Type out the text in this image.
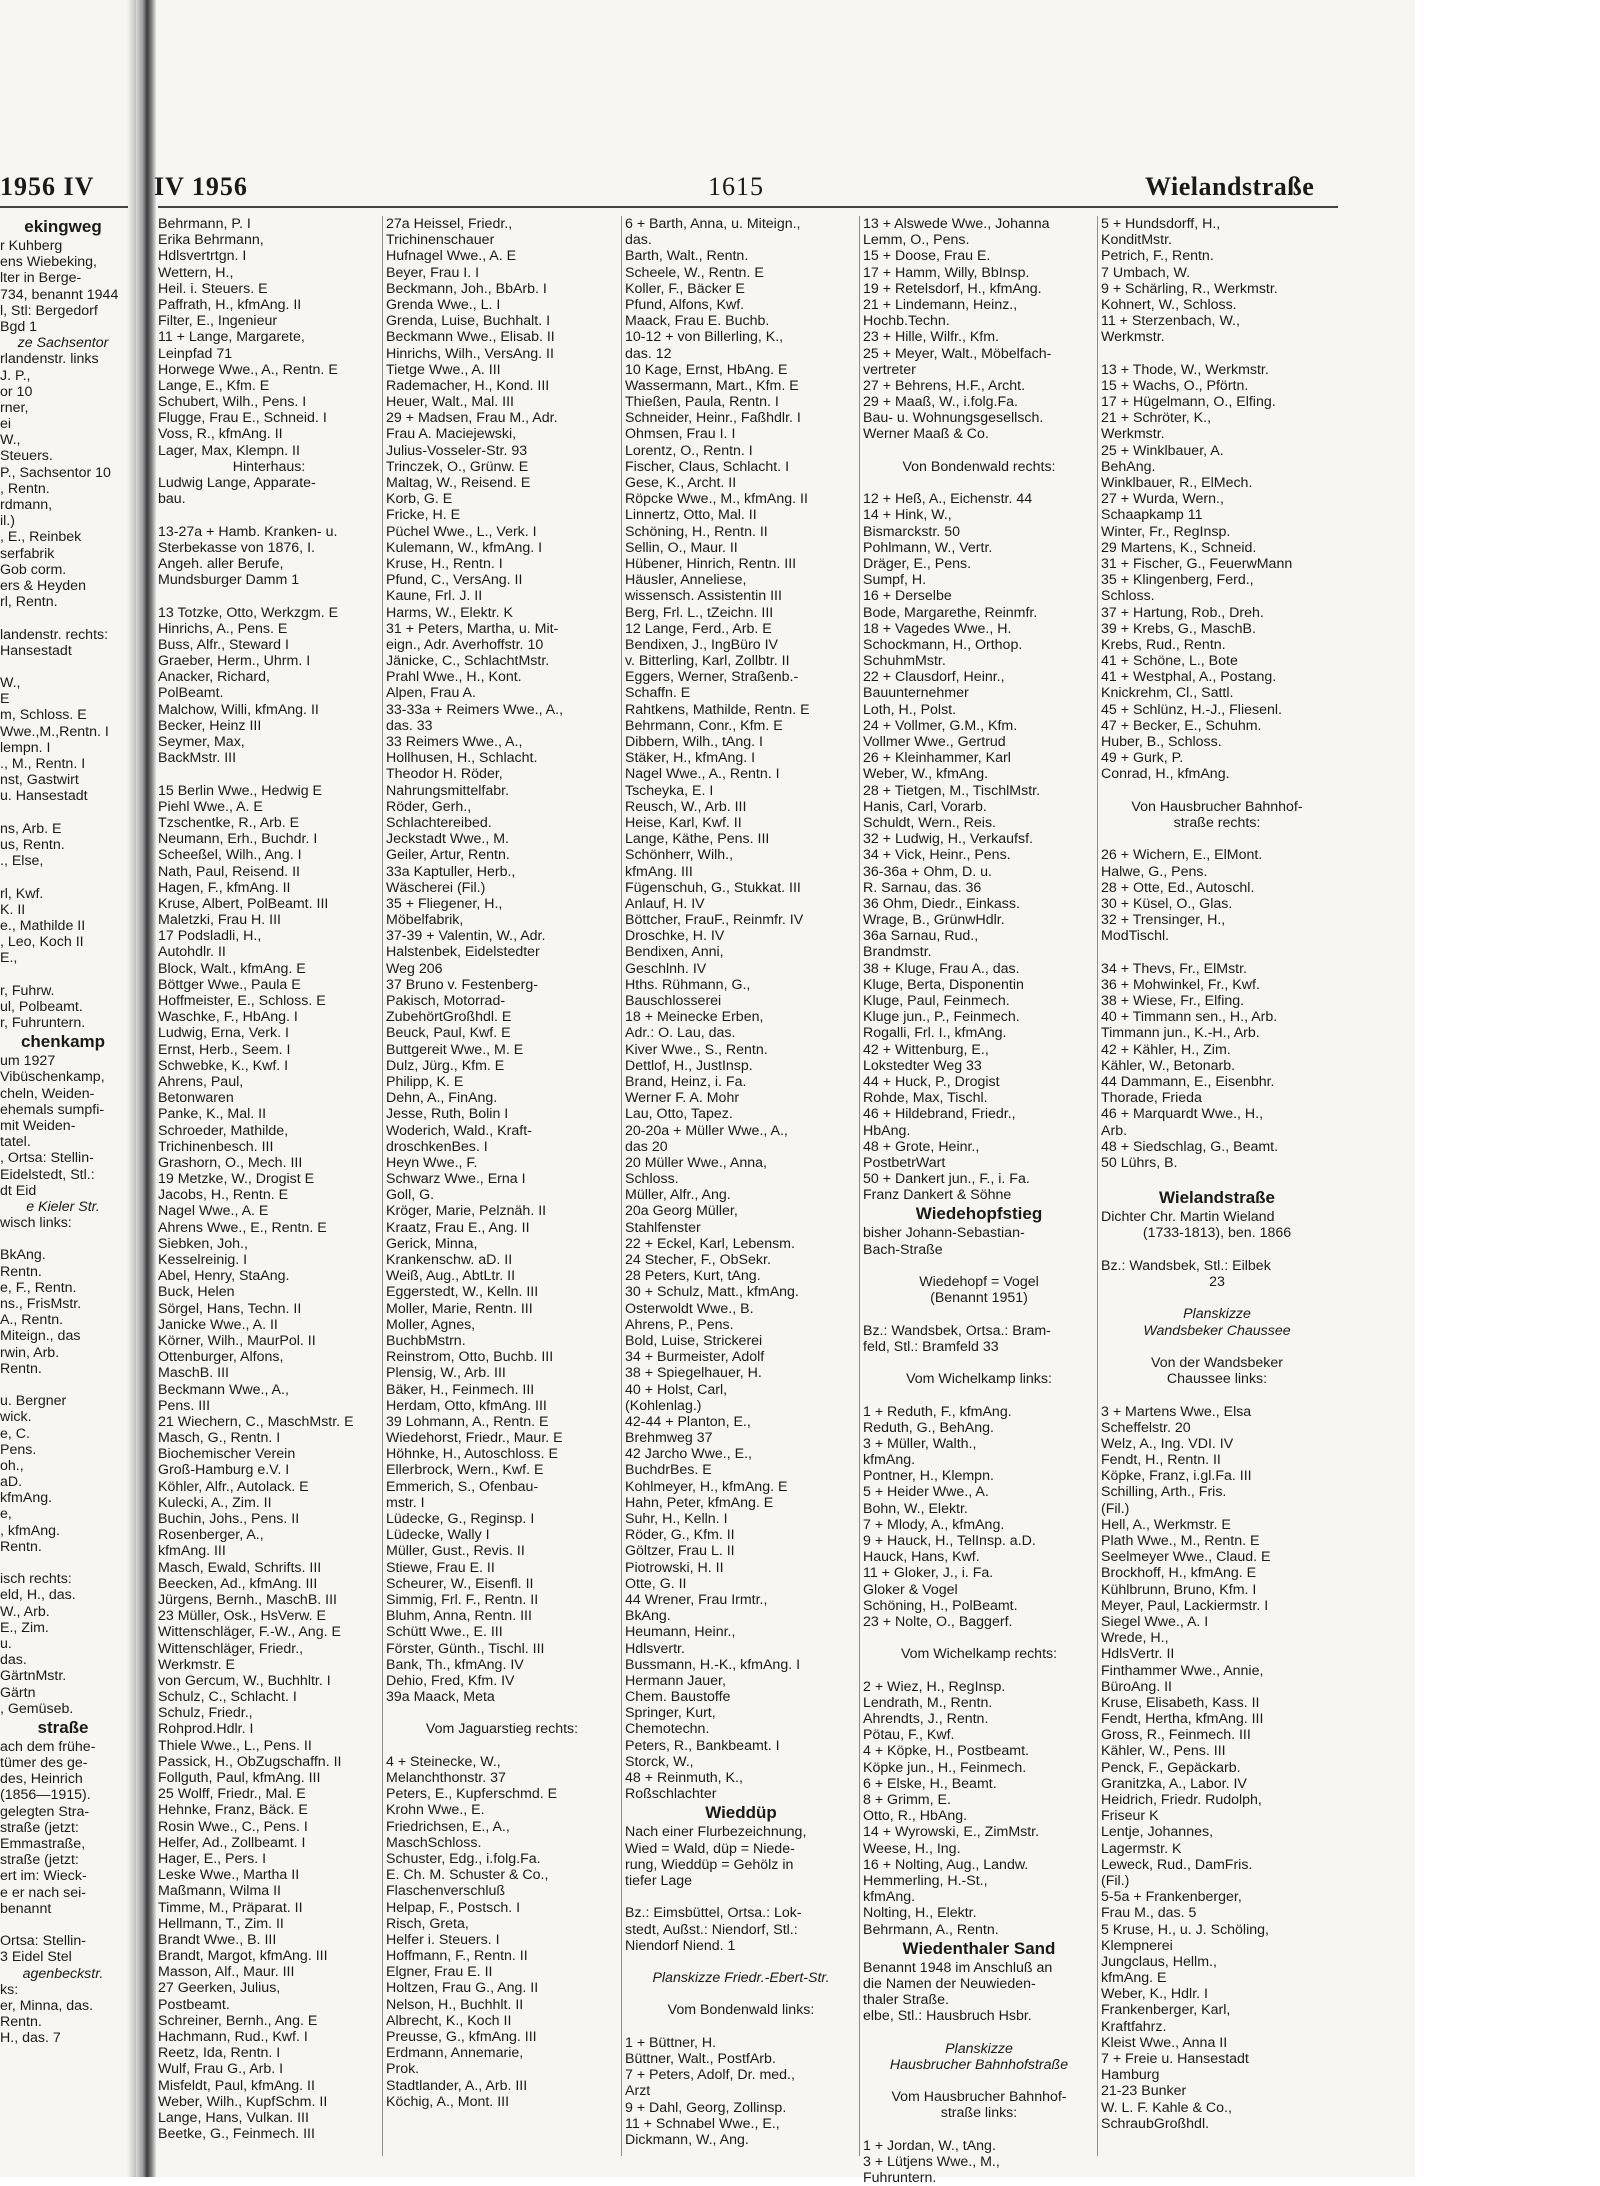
1956 IV IV 1956	1615	Wielandstraße
ekingweg
r Kuhberg
ens Wiebeking,
lter in Berge-
734, benannt 1944
l, Stl: Bergedorf
Bgd 1
ze Sachsentor
rlandenstr. links
J. P.,
or 10
rner,
ei
W.,
Steuers.
P., Sachsentor 10
, Rentn.
rdmann,
il.)
, E., Reinbek
serfabrik
Gob corm.
ers & Heyden
rl, Rentn.
landenstr. rechts:
Hansestadt
W.,
E
m, Schloss. E
Wwe.,M.,Rentn. I
lempn. I
., M., Rentn. I
nst, Gastwirt
u. Hansestadt
ns, Arb. E
us, Rentn.
., Else,
rl, Kwf.
K. II
e., Mathilde II
, Leo, Koch II
E.,
r, Fuhrw.
ul, Polbeamt.
r, Fuhruntern.
chenkamp
um 1927
Vibüschenkamp,
cheln, Weiden-
ehemals sumpfi-
mit Weiden-
tatel.
, Ortsa: Stellin-
Eidelstedt, Stl.:
dt Eid
e Kieler Str.
wisch links:
BkAng.
Rentn.
e, F., Rentn.
ns., FrisMstr.
A., Rentn.
Miteign., das
rwin, Arb.
Rentn.
u. Bergner
wick.
e, C.
Pens.
oh.,
aD.
kfmAng.
e,
, kfmAng.
Rentn.
isch rechts:
eld, H., das.
W., Arb.
E., Zim.
u.
das.
GärtnMstr.
Gärtn
, Gemüseb.
straße
ach dem frühe-
tümer des ge-
des, Heinrich
(1856—1915).
gelegten Stra-
straße (jetzt:
Emmastraße,
straße (jetzt:
ert im: Wieck-
e er nach sei-
benannt
Ortsa: Stellin-
3 Eidel Stel
agenbeckstr.
ks:
er, Minna, das.
Rentn.
H., das. 7
Behrmann, P. I
Erika Behrmann,
Hdlsvertrtgn. I
Wettern, H.,
Heil. i. Steuers. E
Paffrath, H., kfmAng. II
Filter, E., Ingenieur
11 + Lange, Margarete,
Leinpfad 71
Horwege Wwe., A., Rentn. E
Lange, E., Kfm. E
Schubert, Wilh., Pens. I
Flugge, Frau E., Schneid. I
Voss, R., kfmAng. II
Lager, Max, Klempn. II
Hinterhaus:
Ludwig Lange, Apparate-
bau.
13-27a + Hamb. Kranken- u.
Sterbekasse von 1876, I.
Angeh. aller Berufe,
Mundsburger Damm 1
13 Totzke, Otto, Werkzgm. E
Hinrichs, A., Pens. E
Buss, Alfr., Steward I
Graeber, Herm., Uhrm. I
Anacker, Richard,
PolBeamt.
Malchow, Willi, kfmAng. II
Becker, Heinz III
Seymer, Max,
BackMstr. III
15 Berlin Wwe., Hedwig E
Piehl Wwe., A. E
Tzschentke, R., Arb. E
Neumann, Erh., Buchdr. I
Scheeßel, Wilh., Ang. I
Nath, Paul, Reisend. II
Hagen, F., kfmAng. II
Kruse, Albert, PolBeamt. III
Maletzki, Frau H. III
17 Podsladli, H.,
Autohdlr. II
Block, Walt., kfmAng. E
Böttger Wwe., Paula E
Hoffmeister, E., Schloss. E
Waschke, F., HbAng. I
Ludwig, Erna, Verk. I
Ernst, Herb., Seem. I
Schwebke, K., Kwf. I
Ahrens, Paul,
Betonwaren
Panke, K., Mal. II
Schroeder, Mathilde,
Trichinenbesch. III
Grashorn, O., Mech. III
19 Metzke, W., Drogist E
Jacobs, H., Rentn. E
Nagel Wwe., A. E
Ahrens Wwe., E., Rentn. E
Siebken, Joh.,
Kesselreinig. I
Abel, Henry, StaAng.
Buck, Helen
Sörgel, Hans, Techn. II
Janicke Wwe., A. II
Körner, Wilh., MaurPol. II
Ottenburger, Alfons,
MaschB. III
Beckmann Wwe., A.,
Pens. III
21 Wiechern, C., MaschMstr. E
Masch, G., Rentn. I
Biochemischer Verein
Groß-Hamburg e.V. I
Köhler, Alfr., Autolack. E
Kulecki, A., Zim. II
Buchin, Johs., Pens. II
Rosenberger, A.,
kfmAng. III
Masch, Ewald, Schrifts. III
Beecken, Ad., kfmAng. III
Jürgens, Bernh., MaschB. III
23 Müller, Osk., HsVerw. E
Wittenschläger, F.-W., Ang. E
Wittenschläger, Friedr.,
Werkmstr. E
von Gercum, W., Buchhltr. I
Schulz, C., Schlacht. I
Schulz, Friedr.,
Rohprod.Hdlr. I
Thiele Wwe., L., Pens. II
Passick, H., ObZugschaffn. II
Follguth, Paul, kfmAng. III
25 Wolff, Friedr., Mal. E
Hehnke, Franz, Bäck. E
Rosin Wwe., C., Pens. I
Helfer, Ad., Zollbeamt. I
Hager, E., Pers. I
Leske Wwe., Martha II
Maßmann, Wilma II
Timme, M., Präparat. II
Hellmann, T., Zim. II
Brandt Wwe., B. III
Brandt, Margot, kfmAng. III
Masson, Alf., Maur. III
27 Geerken, Julius,
Postbeamt.
Schreiner, Bernh., Ang. E
Hachmann, Rud., Kwf. I
Reetz, Ida, Rentn. I
Wulf, Frau G., Arb. I
Misfeldt, Paul, kfmAng. II
Weber, Wilh., KupfSchm. II
Lange, Hans, Vulkan. III
Beetke, G., Feinmech. III
27a Heissel, Friedr.,
Trichinenschauer
Hufnagel Wwe., A. E
Beyer, Frau I. I
Beckmann, Joh., BbArb. I
Grenda Wwe., L. I
Grenda, Luise, Buchhalt. I
Beckmann Wwe., Elisab. II
Hinrichs, Wilh., VersAng. II
Tietge Wwe., A. III
Rademacher, H., Kond. III
Heuer, Walt., Mal. III
29 + Madsen, Frau M., Adr.
Frau A. Maciejewski,
Julius-Vosseler-Str. 93
Trinczek, O., Grünw. E
Maltag, W., Reisend. E
Korb, G. E
Fricke, H. E
Püchel Wwe., L., Verk. I
Kulemann, W., kfmAng. I
Kruse, H., Rentn. I
Pfund, C., VersAng. II
Kaune, Frl. J. II
Harms, W., Elektr. K
31 + Peters, Martha, u. Mit-
eign., Adr. Averhoffstr. 10
Jänicke, C., SchlachtMstr.
Prahl Wwe., H., Kont.
Alpen, Frau A.
33-33a + Reimers Wwe., A.,
das. 33
33 Reimers Wwe., A.,
Hollhusen, H., Schlacht.
Theodor H. Röder,
Nahrungsmittelfabr.
Röder, Gerh.,
Schlachtereibed.
Jeckstadt Wwe., M.
Geiler, Artur, Rentn.
33a Kaptuller, Herb.,
Wäscherei (Fil.)
35 + Fliegener, H.,
Möbelfabrik,
37-39 + Valentin, W., Adr.
Halstenbek, Eidelstedter
Weg 206
37 Bruno v. Festenberg-
Pakisch, Motorrad-
ZubehörtGroßhdl. E
Beuck, Paul, Kwf. E
Buttgereit Wwe., M. E
Dulz, Jürg., Kfm. E
Philipp, K. E
Dehn, A., FinAng.
Jesse, Ruth, Bolin I
Woderich, Wald., Kraft-
droschkenBes. I
Heyn Wwe., F.
Schwarz Wwe., Erna I
Goll, G.
Kröger, Marie, Pelznäh. II
Kraatz, Frau E., Ang. II
Gerick, Minna,
Krankenschw. aD. II
Weiß, Aug., AbtLtr. II
Eggerstedt, W., Kelln. III
Moller, Marie, Rentn. III
Moller, Agnes,
BuchbMstrn.
Reinstrom, Otto, Buchb. III
Plensig, W., Arb. III
Bäker, H., Feinmech. III
Herdam, Otto, kfmAng. III
39 Lohmann, A., Rentn. E
Wiedehorst, Friedr., Maur. E
Höhnke, H., Autoschloss. E
Ellerbrock, Wern., Kwf. E
Emmerich, S., Ofenbau-
mstr. I
Lüdecke, G., Reginsp. I
Lüdecke, Wally I
Müller, Gust., Revis. II
Stiewe, Frau E. II
Scheurer, W., Eisenfl. II
Simmig, Frl. F., Rentn. II
Bluhm, Anna, Rentn. III
Schütt Wwe., E. III
Förster, Günth., Tischl. III
Bank, Th., kfmAng. IV
Dehio, Fred, Kfm. IV
39a Maack, Meta
Vom Jaguarstieg rechts:
4 + Steinecke, W.,
Melanchthonstr. 37
Peters, E., Kupferschmd. E
Krohn Wwe., E.
Friedrichsen, E., A.,
MaschSchloss.
Schuster, Edg., i.folg.Fa.
E. Ch. M. Schuster & Co.,
Flaschenverschluß
Helpap, F., Postsch. I
Risch, Greta,
Helfer i. Steuers. I
Hoffmann, F., Rentn. II
Elgner, Frau E. II
Holtzen, Frau G., Ang. II
Nelson, H., Buchhlt. II
Albrecht, K., Koch II
Preusse, G., kfmAng. III
Erdmann, Annemarie,
Prok.
Stadtlander, A., Arb. III
Köchig, A., Mont. III
6 + Barth, Anna, u. Miteign.,
das.
Barth, Walt., Rentn.
Scheele, W., Rentn. E
Koller, F., Bäcker E
Pfund, Alfons, Kwf.
Maack, Frau E. Buchb.
10-12 + von Billerling, K.,
das. 12
10 Kage, Ernst, HbAng. E
Wassermann, Mart., Kfm. E
Thießen, Paula, Rentn. I
Schneider, Heinr., Faßhdlr. I
Ohmsen, Frau I. I
Lorentz, O., Rentn. I
Fischer, Claus, Schlacht. I
Gese, K., Archt. II
Röpcke Wwe., M., kfmAng. II
Linnertz, Otto, Mal. II
Schöning, H., Rentn. II
Sellin, O., Maur. II
Hübener, Hinrich, Rentn. III
Häusler, Anneliese,
wissensch. Assistentin III
Berg, Frl. L., tZeichn. III
12 Lange, Ferd., Arb. E
Bendixen, J., IngBüro IV
v. Bitterling, Karl, Zollbtr. II
Eggers, Werner, Straßenb.-
Schaffn. E
Rahtkens, Mathilde, Rentn. E
Behrmann, Conr., Kfm. E
Dibbern, Wilh., tAng. I
Stäker, H., kfmAng. I
Nagel Wwe., A., Rentn. I
Tscheyka, E. I
Reusch, W., Arb. III
Heise, Karl, Kwf. II
Lange, Käthe, Pens. III
Schönherr, Wilh.,
kfmAng. III
Fügenschuh, G., Stukkat. III
Anlauf, H. IV
Böttcher, FrauF., Reinmfr. IV
Droschke, H. IV
Bendixen, Anni,
Geschlnh. IV
Hths. Rühmann, G.,
Bauschlosserei
18 + Meinecke Erben,
Adr.: O. Lau, das.
Kiver Wwe., S., Rentn.
Dettlof, H., JustInsp.
Brand, Heinz, i. Fa.
Werner F. A. Mohr
Lau, Otto, Tapez.
20-20a + Müller Wwe., A.,
das 20
20 Müller Wwe., Anna,
Schloss.
Müller, Alfr., Ang.
20a Georg Müller,
Stahlfenster
22 + Eckel, Karl, Lebensm.
24 Stecher, F., ObSekr.
28 Peters, Kurt, tAng.
30 + Schulz, Matt., kfmAng.
Osterwoldt Wwe., B.
Ahrens, P., Pens.
Bold, Luise, Strickerei
34 + Burmeister, Adolf
38 + Spiegelhauer, H.
40 + Holst, Carl,
(Kohlenlag.)
42-44 + Planton, E.,
Brehmweg 37
42 Jarcho Wwe., E.,
BuchdrBes. E
Kohlmeyer, H., kfmAng. E
Hahn, Peter, kfmAng. E
Suhr, H., Kelln. I
Röder, G., Kfm. II
Göltzer, Frau L. II
Piotrowski, H. II
Otte, G. II
44 Wrener, Frau Irmtr.,
BkAng.
Heumann, Heinr.,
Hdlsvertr.
Bussmann, H.-K., kfmAng. I
Hermann Jauer,
Chem. Baustoffe
Springer, Kurt,
Chemotechn.
Peters, R., Bankbeamt. I
Storck, W.,
48 + Reinmuth, K.,
Roßschlachter
Wieddüp
Nach einer Flurbezeichnung,
Wied = Wald, düp = Niede-
rung, Wieddüp = Gehölz in
tiefer Lage
Bz.: Eimsbüttel, Ortsa.: Lok-
stedt, Außst.: Niendorf, Stl.:
Niendorf Niend. 1
Planskizze Friedr.-Ebert-Str.
Vom Bondenwald links:
1 + Büttner, H.
Büttner, Walt., PostfArb.
7 + Peters, Adolf, Dr. med.,
Arzt
9 + Dahl, Georg, Zollinsp.
11 + Schnabel Wwe., E.,
Dickmann, W., Ang.
13 + Alswede Wwe., Johanna
Lemm, O., Pens.
15 + Doose, Frau E.
17 + Hamm, Willy, BbInsp.
19 + Retelsdorf, H., kfmAng.
21 + Lindemann, Heinz.,
Hochb.Techn.
23 + Hille, Wilfr., Kfm.
25 + Meyer, Walt., Möbelfach-
vertreter
27 + Behrens, H.F., Archt.
29 + Maaß, W., i.folg.Fa.
Bau- u. Wohnungsgesellsch.
Werner Maaß & Co.
Von Bondenwald rechts:
12 + Heß, A., Eichenstr. 44
14 + Hink, W.,
Bismarckstr. 50
Pohlmann, W., Vertr.
Dräger, E., Pens.
Sumpf, H.
16 + Derselbe
Bode, Margarethe, Reinmfr.
18 + Vagedes Wwe., H.
Schockmann, H., Orthop.
SchuhmMstr.
22 + Clausdorf, Heinr.,
Bauunternehmer
Loth, H., Polst.
24 + Vollmer, G.M., Kfm.
Vollmer Wwe., Gertrud
26 + Kleinhammer, Karl
Weber, W., kfmAng.
28 + Tietgen, M., TischlMstr.
Hanis, Carl, Vorarb.
Schuldt, Wern., Reis.
32 + Ludwig, H., Verkaufsf.
34 + Vick, Heinr., Pens.
36-36a + Ohm, D. u.
R. Sarnau, das. 36
36 Ohm, Diedr., Einkass.
Wrage, B., GrünwHdlr.
36a Sarnau, Rud.,
Brandmstr.
38 + Kluge, Frau A., das.
Kluge, Berta, Disponentin
Kluge, Paul, Feinmech.
Kluge jun., P., Feinmech.
Rogalli, Frl. I., kfmAng.
42 + Wittenburg, E.,
Lokstedter Weg 33
44 + Huck, P., Drogist
Rohde, Max, Tischl.
46 + Hildebrand, Friedr.,
HbAng.
48 + Grote, Heinr.,
PostbetrWart
50 + Dankert jun., F., i. Fa.
Franz Dankert & Söhne
Wiedehopfstieg
bisher Johann-Sebastian-
Bach-Straße
Wiedehopf = Vogel
(Benannt 1951)
Bz.: Wandsbek, Ortsa.: Bram-
feld, Stl.: Bramfeld 33
Vom Wichelkamp links:
1 + Reduth, F., kfmAng.
Reduth, G., BehAng.
3 + Müller, Walth.,
kfmAng.
Pontner, H., Klempn.
5 + Heider Wwe., A.
Bohn, W., Elektr.
7 + Mlody, A., kfmAng.
9 + Hauck, H., TelInsp. a.D.
Hauck, Hans, Kwf.
11 + Gloker, J., i. Fa.
Gloker & Vogel
Schöning, H., PolBeamt.
23 + Nolte, O., Baggerf.
Vom Wichelkamp rechts:
2 + Wiez, H., RegInsp.
Lendrath, M., Rentn.
Ahrendts, J., Rentn.
Pötau, F., Kwf.
4 + Köpke, H., Postbeamt.
Köpke jun., H., Feinmech.
6 + Elske, H., Beamt.
8 + Grimm, E.
Otto, R., HbAng.
14 + Wyrowski, E., ZimMstr.
Weese, H., Ing.
16 + Nolting, Aug., Landw.
Hemmerling, H.-St.,
kfmAng.
Nolting, H., Elektr.
Behrmann, A., Rentn.
Wiedenthaler Sand
Benannt 1948 im Anschluß an
die Namen der Neuwieden-
thaler Straße.
elbe, Stl.: Hausbruch Hsbr.
Planskizze
Hausbrucher Bahnhofstraße
Vom Hausbrucher Bahnhof-
straße links:
1 + Jordan, W., tAng.
3 + Lütjens Wwe., M.,
Fuhruntern.
5 + Hundsdorff, H.,
KonditMstr.
Petrich, F., Rentn.
7 Umbach, W.
9 + Schärling, R., Werkmstr.
Kohnert, W., Schloss.
11 + Sterzenbach, W.,
Werkmstr.
13 + Thode, W., Werkmstr.
15 + Wachs, O., Pförtn.
17 + Hügelmann, O., Elfing.
21 + Schröter, K.,
Werkmstr.
25 + Winklbauer, A.
BehAng.
Winklbauer, R., ElMech.
27 + Wurda, Wern.,
Schaapkamp 11
Winter, Fr., RegInsp.
29 Martens, K., Schneid.
31 + Fischer, G., FeuerwMann
35 + Klingenberg, Ferd.,
Schloss.
37 + Hartung, Rob., Dreh.
39 + Krebs, G., MaschB.
Krebs, Rud., Rentn.
41 + Schöne, L., Bote
41 + Westphal, A., Postang.
Knickrehm, Cl., Sattl.
45 + Schlünz, H.-J., Fliesenl.
47 + Becker, E., Schuhm.
Huber, B., Schloss.
49 + Gurk, P.
Conrad, H., kfmAng.
Von Hausbrucher Bahnhof-
straße rechts:
26 + Wichern, E., ElMont.
Halwe, G., Pens.
28 + Otte, Ed., Autoschl.
30 + Küsel, O., Glas.
32 + Trensinger, H.,
ModTischl.
34 + Thevs, Fr., ElMstr.
36 + Mohwinkel, Fr., Kwf.
38 + Wiese, Fr., Elfing.
40 + Timmann sen., H., Arb.
Timmann jun., K.-H., Arb.
42 + Kähler, H., Zim.
Kähler, W., Betonarb.
44 Dammann, E., Eisenbhr.
Thorade, Frieda
46 + Marquardt Wwe., H.,
Arb.
48 + Siedschlag, G., Beamt.
50 Lührs, B.
Wielandstraße
Dichter Chr. Martin Wieland
(1733-1813), ben. 1866
Bz.: Wandsbek, Stl.: Eilbek
23
Planskizze
Wandsbeker Chaussee
Von der Wandsbeker
Chaussee links:
3 + Martens Wwe., Elsa
Scheffelstr. 20
Welz, A., Ing. VDI. IV
Fendt, H., Rentn. II
Köpke, Franz, i.gl.Fa. III
Schilling, Arth., Fris.
(Fil.)
Hell, A., Werkmstr. E
Plath Wwe., M., Rentn. E
Seelmeyer Wwe., Claud. E
Brockhoff, H., kfmAng. E
Kühlbrunn, Bruno, Kfm. I
Meyer, Paul, Lackiermstr. I
Siegel Wwe., A. I
Wrede, H.,
HdlsVertr. II
Finthammer Wwe., Annie,
BüroAng. II
Kruse, Elisabeth, Kass. II
Fendt, Hertha, kfmAng. III
Gross, R., Feinmech. III
Kähler, W., Pens. III
Penck, F., Gepäckarb.
Granitzka, A., Labor. IV
Heidrich, Friedr. Rudolph,
Friseur K
Lentje, Johannes,
Lagermstr. K
Leweck, Rud., DamFris.
(Fil.)
5-5a + Frankenberger,
Frau M., das. 5
5 Kruse, H., u. J. Schöling,
Klempnerei
Jungclaus, Hellm.,
kfmAng. E
Weber, K., Hdlr. I
Frankenberger, Karl,
Kraftfahrz.
Kleist Wwe., Anna II
7 + Freie u. Hansestadt
Hamburg
21-23 Bunker
W. L. F. Kahle & Co.,
SchraubGroßhdl.
